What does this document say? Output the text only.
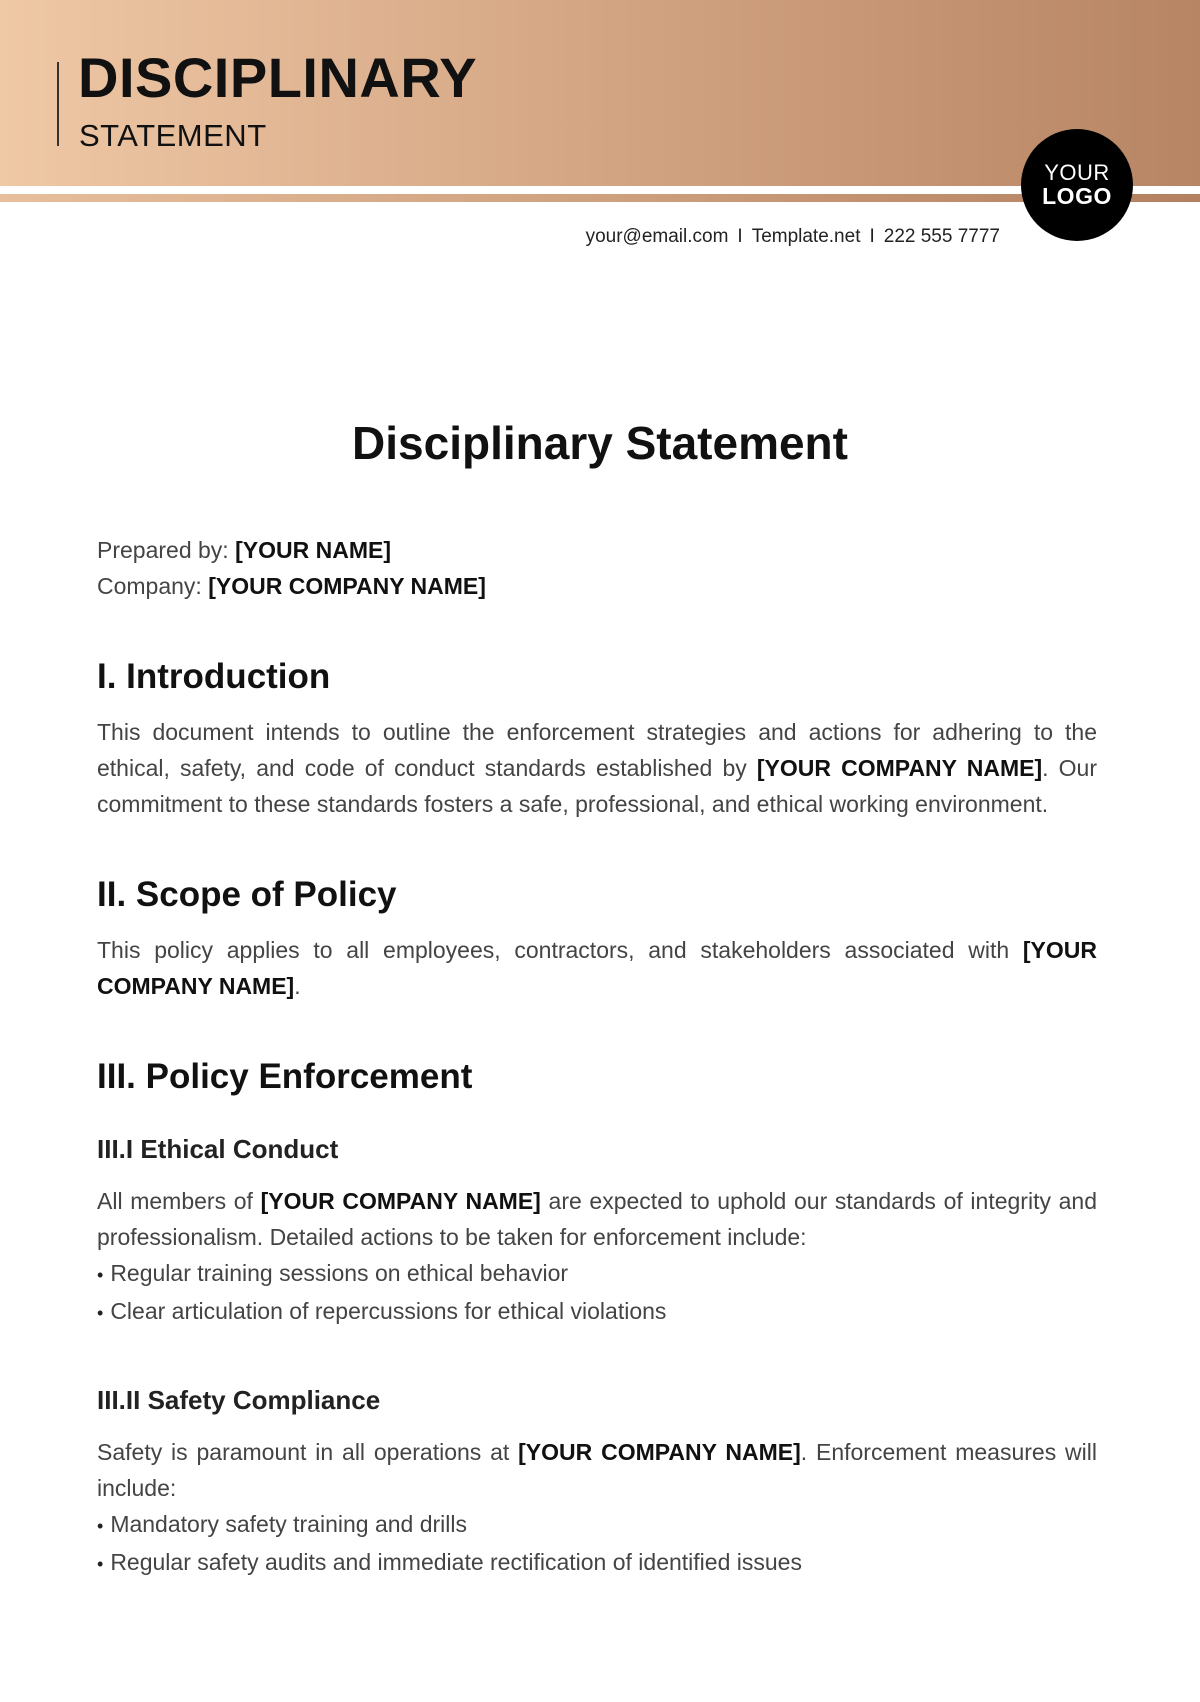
DISCIPLINARY
STATEMENT
YOUR
LOGO
your@email.com I Template.net I 222 555 7777
Disciplinary Statement
Prepared by: [YOUR NAME]
Company: [YOUR COMPANY NAME]
I. Introduction

This document intends to outline the enforcement strategies and actions for adhering to the ethical, safety, and code of conduct standards established by [YOUR COMPANY NAME]. Our commitment to these standards fosters a safe, professional, and ethical working environment.

II. Scope of Policy

This policy applies to all employees, contractors, and stakeholders associated with [YOUR COMPANY NAME].

III. Policy Enforcement
III.I Ethical Conduct

All members of [YOUR COMPANY NAME] are expected to uphold our standards of integrity and professionalism. Detailed actions to be taken for enforcement include:

• Regular training sessions on ethical behavior
• Clear articulation of repercussions for ethical violations
III.II Safety Compliance

Safety is paramount in all operations at [YOUR COMPANY NAME]. Enforcement measures will include:

• Mandatory safety training and drills
• Regular safety audits and immediate rectification of identified issues
